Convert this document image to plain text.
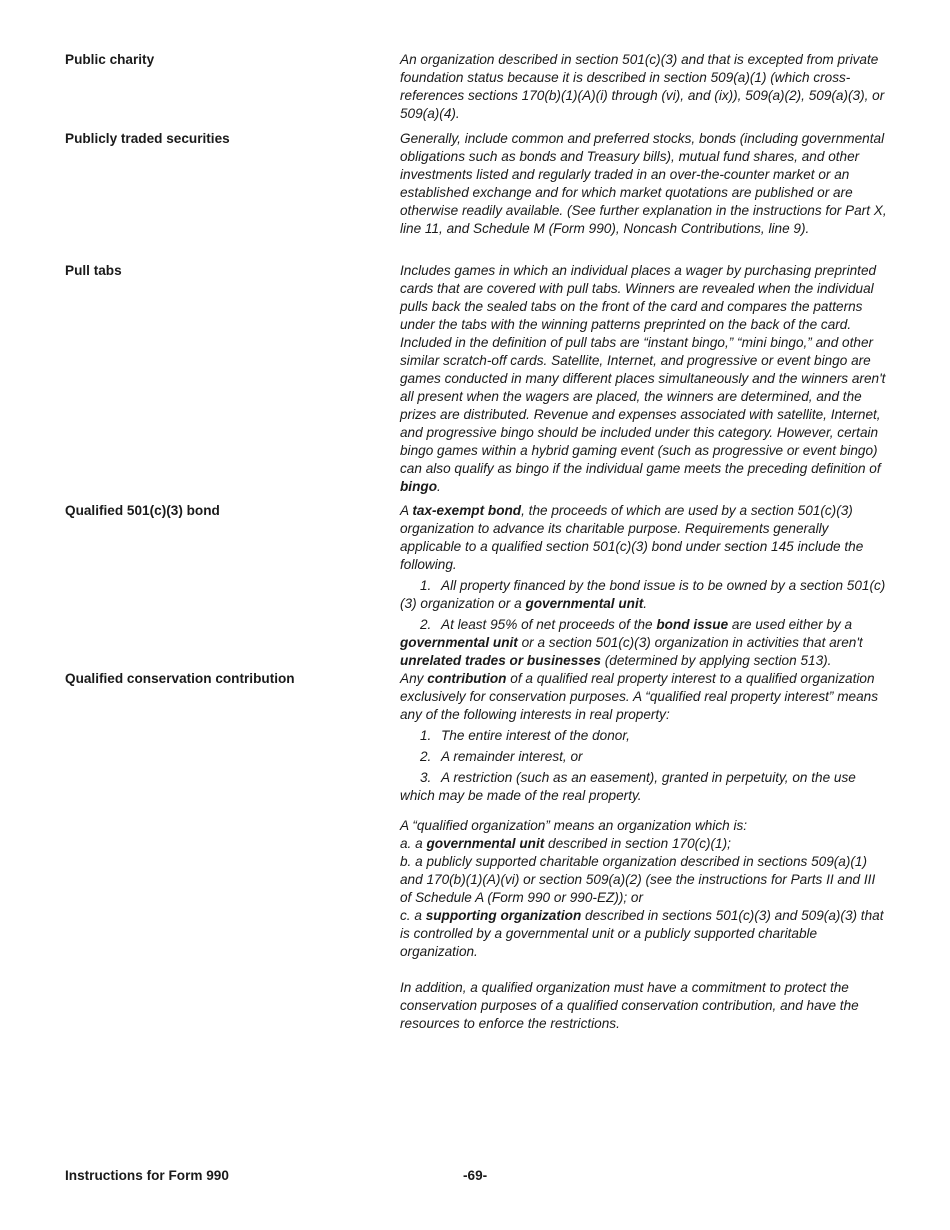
Public charity	An organization described in section 501(c)(3) and that is excepted from private foundation status because it is described in section 509(a)(1) (which cross-references sections 170(b)(1)(A)(i) through (vi), and (ix)), 509(a)(2), 509(a)(3), or 509(a)(4).

Publicly traded securities	Generally, include common and preferred stocks, bonds (including governmental obligations such as bonds and Treasury bills), mutual fund shares, and other investments listed and regularly traded in an over-the-counter market or an established exchange and for which market quotations are published or are otherwise readily available. (See further explanation in the instructions for Part X, line 11, and Schedule M (Form 990), Noncash Contributions, line 9).

Pull tabs	Includes games in which an individual places a wager by purchasing preprinted cards that are covered with pull tabs. Winners are revealed when the individual pulls back the sealed tabs on the front of the card and compares the patterns under the tabs with the winning patterns preprinted on the back of the card. Included in the definition of pull tabs are “instant bingo,” “mini bingo,” and other similar scratch-off cards. Satellite, Internet, and progressive or event bingo are games conducted in many different places simultaneously and the winners aren't all present when the wagers are placed, the winners are determined, and the prizes are distributed. Revenue and expenses associated with satellite, Internet, and progressive bingo should be included under this category. However, certain bingo games within a hybrid gaming event (such as progressive or event bingo) can also qualify as bingo if the individual game meets the preceding definition of bingo.

Qualified 501(c)(3) bond	A tax-exempt bond, the proceeds of which are used by a section 501(c)(3) organization to advance its charitable purpose. Requirements generally applicable to a qualified section 501(c)(3) bond under section 145 include the following.

1. All property financed by the bond issue is to be owned by a section 501(c)(3) organization or a governmental unit.

2. At least 95% of net proceeds of the bond issue are used either by a governmental unit or a section 501(c)(3) organization in activities that aren't unrelated trades or businesses (determined by applying section 513).

Qualified conservation contribution	Any contribution of a qualified real property interest to a qualified organization exclusively for conservation purposes. A “qualified real property interest” means any of the following interests in real property:

1. The entire interest of the donor,

2. A remainder interest, or

3. A restriction (such as an easement), granted in perpetuity, on the use which may be made of the real property.

A “qualified organization” means an organization which is:

a. a governmental unit described in section 170(c)(1);

b. a publicly supported charitable organization described in sections 509(a)(1) and 170(b)(1)(A)(vi) or section 509(a)(2) (see the instructions for Parts II and III of Schedule A (Form 990 or 990-EZ)); or

c. a supporting organization described in sections 501(c)(3) and 509(a)(3) that is controlled by a governmental unit or a publicly supported charitable organization.

In addition, a qualified organization must have a commitment to protect the conservation purposes of a qualified conservation contribution, and have the resources to enforce the restrictions.

Instructions for Form 990	-69-
